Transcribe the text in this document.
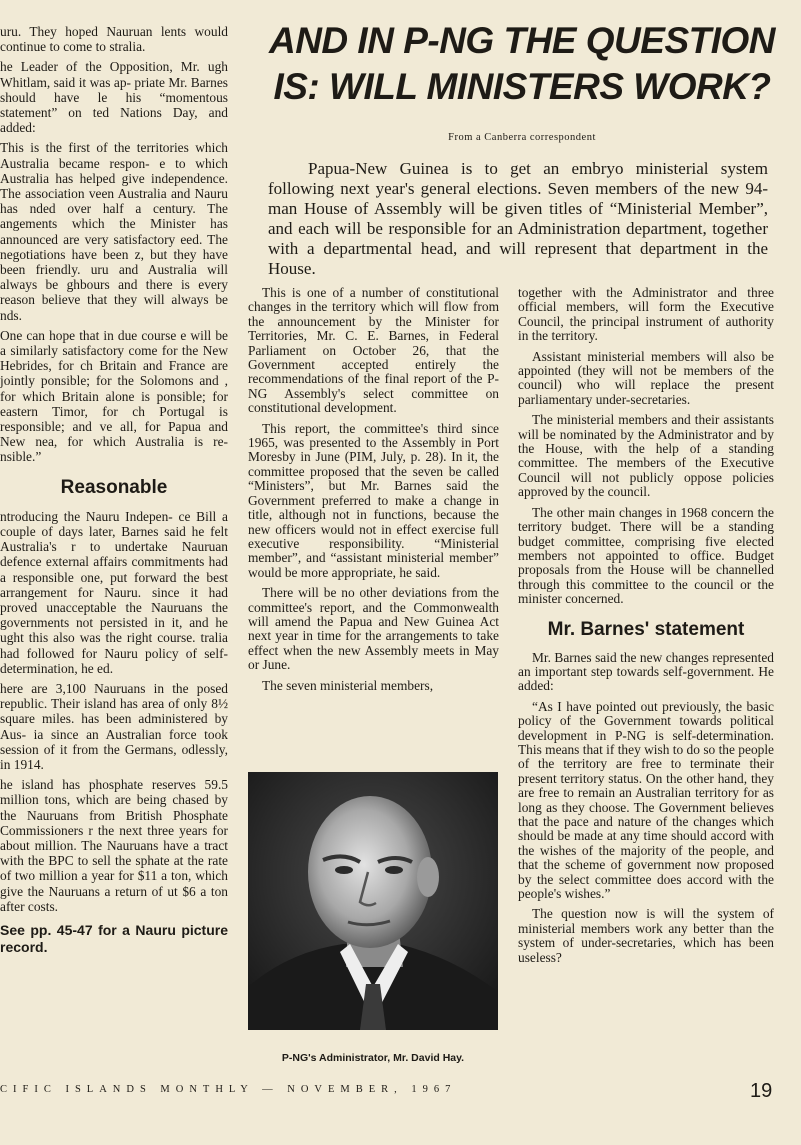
uru. They hoped Nauruan lents would continue to come to stralia.

he Leader of the Opposition, Mr. ugh Whitlam, said it was ap- priate Mr. Barnes should have le his “momentous statement” on ted Nations Day, and added:

This is the first of the territories which Australia became respon- e to which Australia has helped give independence. The association veen Australia and Nauru has nded over half a century. The angements which the Minister has announced are very satisfactory eed. The negotiations have been z, but they have been friendly. uru and Australia will always be ghbours and there is every reason believe that they will always be nds.

One can hope that in due course e will be a similarly satisfactory come for the New Hebrides, for ch Britain and France are jointly ponsible; for the Solomons and , for which Britain alone is ponsible; for eastern Timor, for ch Portugal is responsible; and ve all, for Papua and New nea, for which Australia is re- nsible.”

Reasonable

ntroducing the Nauru Indepen- ce Bill a couple of days later, Barnes said he felt Australia's r to undertake Nauruan defence external affairs commitments had a responsible one, put forward the best arrangement for Nauru. since it had proved unacceptable the Nauruans the governments not persisted in it, and he ught this also was the right course. tralia had followed for Nauru policy of self-determination, he ed.

here are 3,100 Nauruans in the posed republic. Their island has area of only 8½ square miles. has been administered by Aus- ia since an Australian force took session of it from the Germans, odlessly, in 1914.

he island has phosphate reserves 59.5 million tons, which are being chased by the Nauruans from British Phosphate Commissioners r the next three years for about million. The Nauruans have a tract with the BPC to sell the sphate at the rate of two million a year for $11 a ton, which give the Nauruans a return of ut $6 a ton after costs.

See pp. 45-47 for a Nauru picture record.
AND IN P-NG THE QUESTION IS: WILL MINISTERS WORK?
From a Canberra correspondent

Papua-New Guinea is to get an embryo ministerial system following next year's general elections. Seven members of the new 94-man House of Assembly will be given titles of “Ministerial Member”, and each will be responsible for an Administration department, together with a departmental head, and will represent that department in the House.

This is one of a number of constitutional changes in the territory which will flow from the announcement by the Minister for Territories, Mr. C. E. Barnes, in Federal Parliament on October 26, that the Government accepted entirely the recommendations of the final report of the P-NG Assembly's select committee on constitutional development.

This report, the committee's third since 1965, was presented to the Assembly in Port Moresby in June (PIM, July, p. 28). In it, the committee proposed that the seven be called “Ministers”, but Mr. Barnes said the Government preferred to make a change in title, although not in functions, because the new officers would not in effect exercise full executive responsibility. “Ministerial member”, and “assistant ministerial member” would be more appropriate, he said.

There will be no other deviations from the committee's report, and the Commonwealth will amend the Papua and New Guinea Act next year in time for the arrangements to take effect when the new Assembly meets in May or June.

The seven ministerial members,

P-NG's Administrator, Mr. David Hay.

together with the Administrator and three official members, will form the Executive Council, the principal instrument of authority in the territory.

Assistant ministerial members will also be appointed (they will not be members of the council) who will replace the present parliamentary under-secretaries.

The ministerial members and their assistants will be nominated by the Administrator and by the House, with the help of a standing committee. The members of the Executive Council will not publicly oppose policies approved by the council.

The other main changes in 1968 concern the territory budget. There will be a standing budget committee, comprising five elected members not appointed to office. Budget proposals from the House will be channelled through this committee to the council or the minister concerned.

Mr. Barnes' statement

Mr. Barnes said the new changes represented an important step towards self-government. He added:

“As I have pointed out previously, the basic policy of the Government towards political development in P-NG is self-determination. This means that if they wish to do so the people of the territory are free to terminate their present territory status. On the other hand, they are free to remain an Australian territory for as long as they choose. The Government believes that the pace and nature of the changes which should be made at any time should accord with the wishes of the majority of the people, and that the scheme of government now proposed by the select committee does accord with the people's wishes.”

The question now is will the system of ministerial members work any better than the system of under-secretaries, which has been useless?

CIFIC ISLANDS MONTHLY — NOVEMBER, 1967	19
